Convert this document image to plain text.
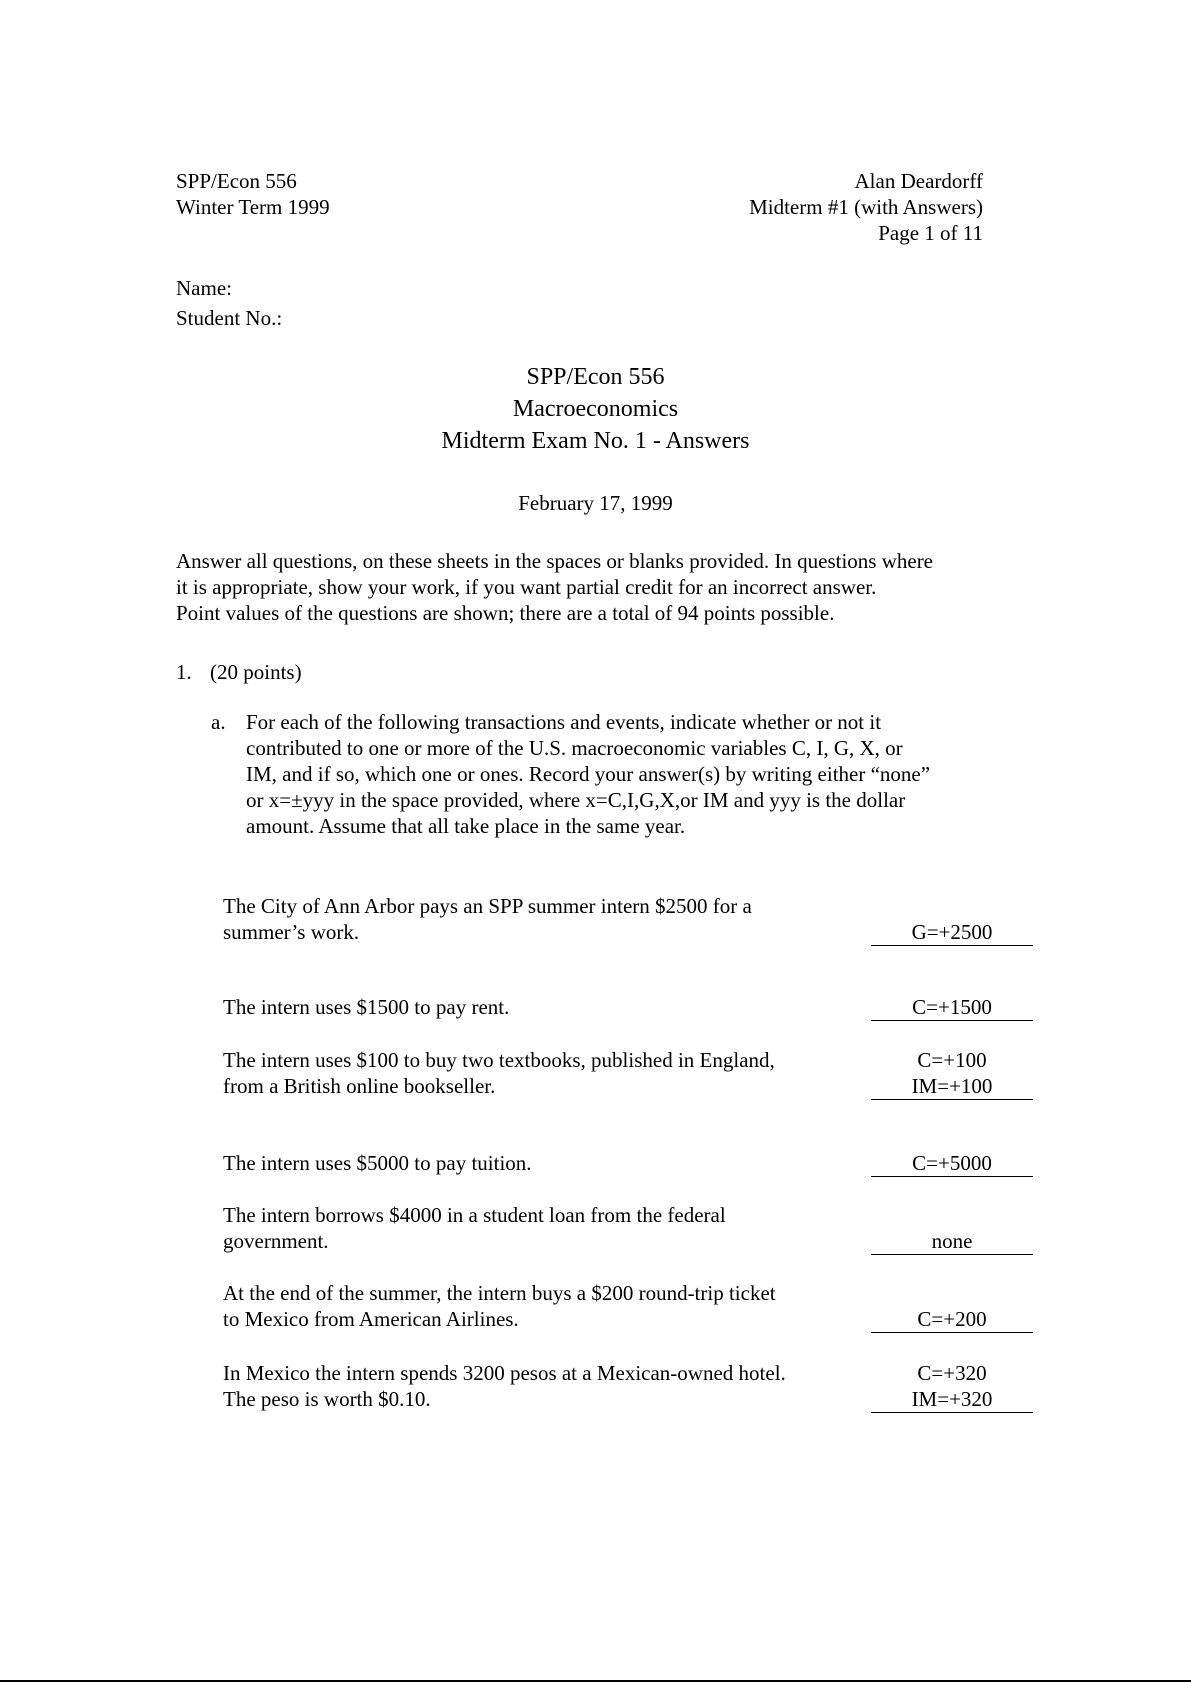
SPP/Econ 556
Winter Term 1999
Alan Deardorff
Midterm #1 (with Answers)
Page 1 of 11
Name:
Student No.:
SPP/Econ 556
Macroeconomics
Midterm Exam No. 1 - Answers
February 17, 1999
Answer all questions, on these sheets in the spaces or blanks provided. In questions where
it is appropriate, show your work, if you want partial credit for an incorrect answer.
Point values of the questions are shown; there are a total of 94 points possible.
1. (20 points)
a. For each of the following transactions and events, indicate whether or not it
contributed to one or more of the U.S. macroeconomic variables C, I, G, X, or
IM, and if so, which one or ones. Record your answer(s) by writing either “none”
or x=±yyy in the space provided, where x=C,I,G,X,or IM and yyy is the dollar
amount. Assume that all take place in the same year.
The City of Ann Arbor pays an SPP summer intern $2500 for a
summer’s work.	G=+2500
The intern uses $1500 to pay rent.	C=+1500
The intern uses $100 to buy two textbooks, published in England,
from a British online bookseller.
C=+100
IM=+100
The intern uses $5000 to pay tuition.	C=+5000
The intern borrows $4000 in a student loan from the federal
government.	none
At the end of the summer, the intern buys a $200 round-trip ticket
to Mexico from American Airlines.	C=+200
In Mexico the intern spends 3200 pesos at a Mexican-owned hotel.
The peso is worth $0.10.
C=+320
IM=+320
